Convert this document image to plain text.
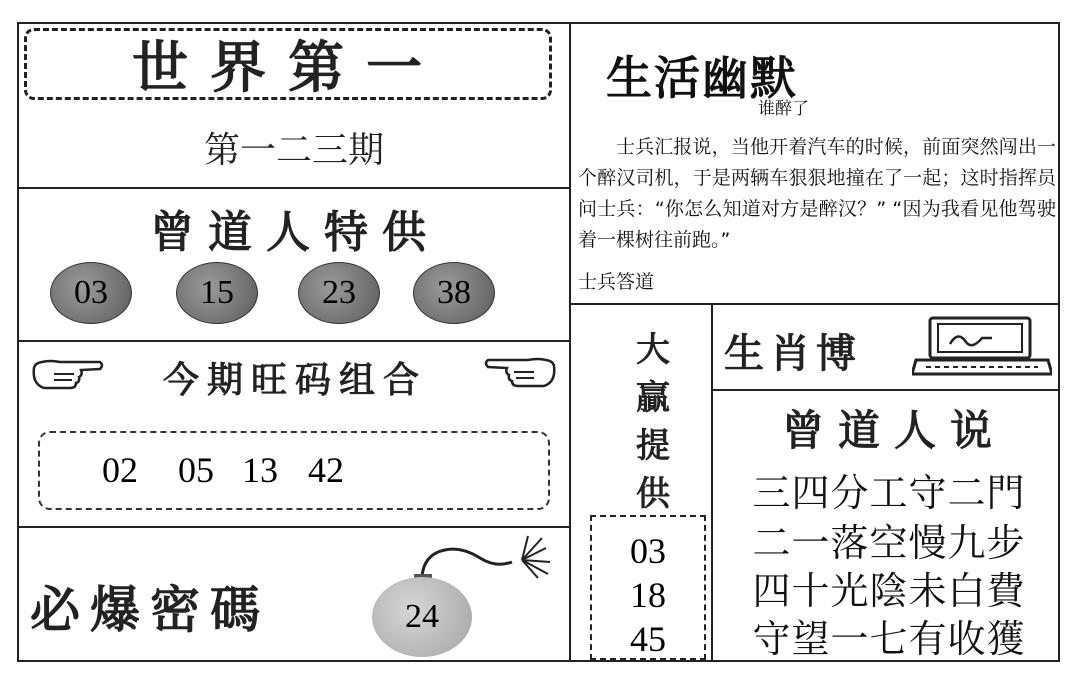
世界第一
第一二三期
曾道人特供
03	15	23	38
今期旺码组合
02 05 13 42
必爆密碼	24
生活幽默
谁醉了
士兵汇报说，当他开着汽车的时候，前面突然闯出一个醉汉司机，于是两辆车狠狠地撞在了一起；这时指挥员问士兵：“你怎么知道对方是醉汉？” “因为我看见他驾驶着一棵树往前跑。”
士兵答道
大
贏
提
供
03
18
45
生肖博
曾道人说
三四分工守二門
二一落空慢九步
四十光陰未白費
守望一七有收獲
